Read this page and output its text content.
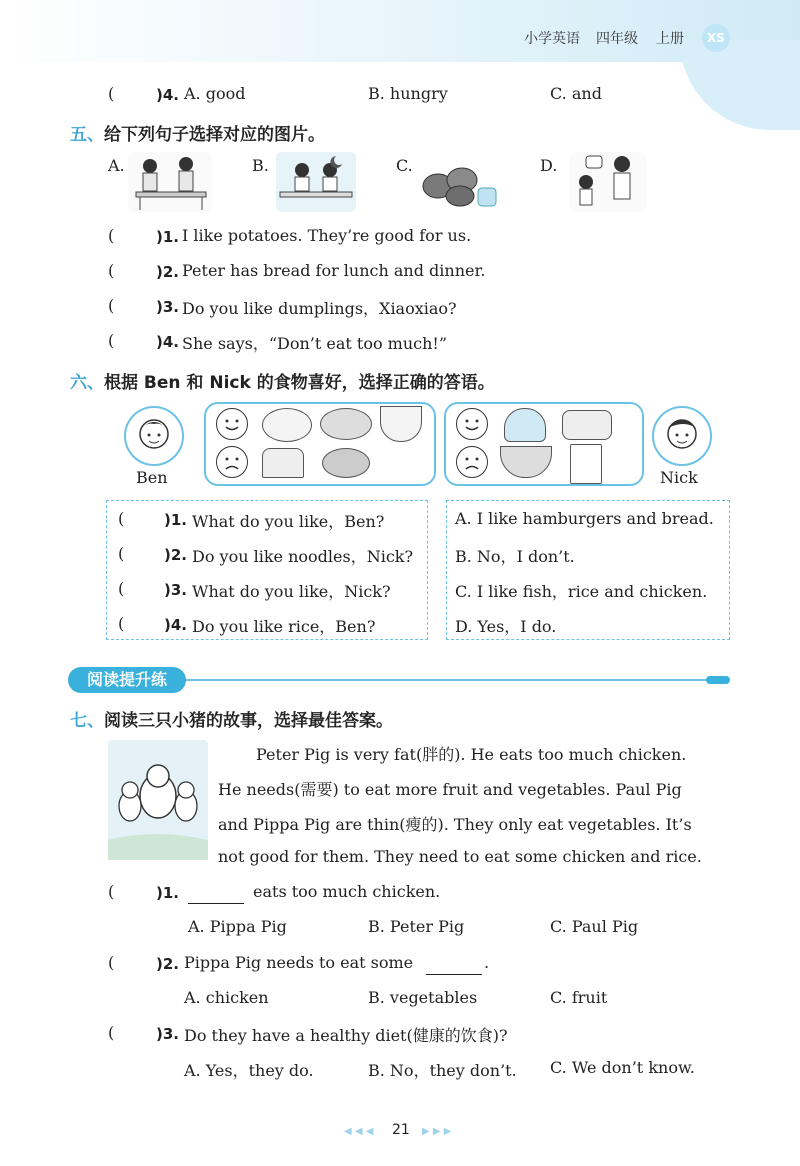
小学英语 四年级 上册	XS
(	)4. A. good	B. hungry	C. and
五、给下列句子选择对应的图片。
A.	B.	C.	D.
(	)1. I like potatoes. They’re good for us.
(	)2. Peter has bread for lunch and dinner.
(	)3. Do you like dumplings，Xiaoxiao?
(	)4. She says，“Don’t eat too much!”
六、根据 Ben 和 Nick 的食物喜好，选择正确的答语。
Ben	Nick
(	)1. What do you like，Ben?
(	)2. Do you like noodles，Nick?
(	)3. What do you like，Nick?
(	)4. Do you like rice，Ben?
A. I like hamburgers and bread.
B. No，I don’t.
C. I like fish，rice and chicken.
D. Yes，I do.
阅读提升练
七、阅读三只小猪的故事，选择最佳答案。
Peter Pig is very fat(胖的). He eats too much chicken.
He needs(需要) to eat more fruit and vegetables. Paul Pig
and Pippa Pig are thin(瘦的). They only eat vegetables. It’s
not good for them. They need to eat some chicken and rice.
(	)1.	eats too much chicken.
A. Pippa Pig	B. Peter Pig	C. Paul Pig
(	)2. Pippa Pig needs to eat some	.
A. chicken	B. vegetables	C. fruit
(	)3. Do they have a healthy diet(健康的饮食)?
A. Yes，they do.	B. No，they don’t. C. We don’t know.
◀ ◀ ◀ 21 ▶ ▶ ▶
